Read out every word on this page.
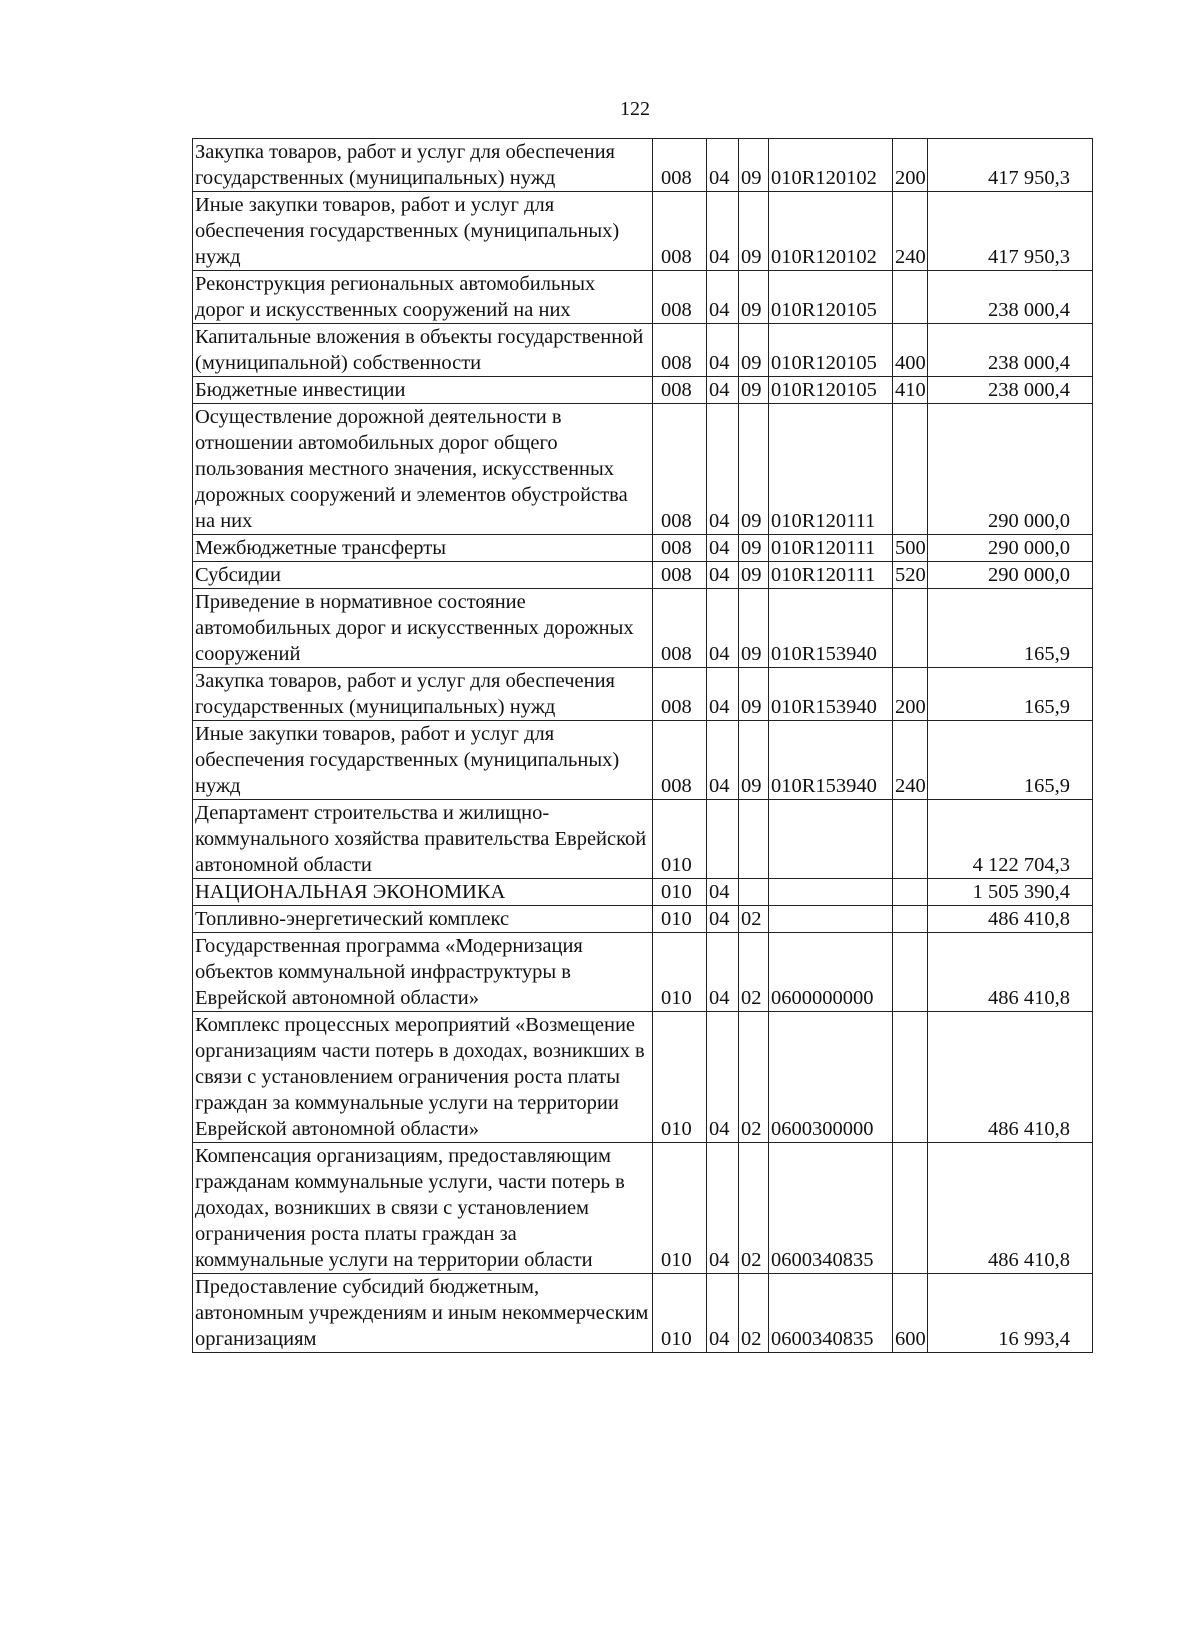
122
Закупка товаров, работ и услуг для обеспечения государственных (муниципальных) нужд	008	04	09	010R120102	200	417 950,3
Иные закупки товаров, работ и услуг для обеспечения государственных (муниципальных) нужд	008	04	09	010R120102	240	417 950,3
Реконструкция региональных автомобильных дорог и искусственных сооружений на них	008	04	09	010R120105		238 000,4
Капитальные вложения в объекты государственной (муниципальной) собственности	008	04	09	010R120105	400	238 000,4
Бюджетные инвестиции	008	04	09	010R120105	410	238 000,4
Осуществление дорожной деятельности в отношении автомобильных дорог общего пользования местного значения, искусственных дорожных сооружений и элементов обустройства на них	008	04	09	010R120111		290 000,0
Межбюджетные трансферты	008	04	09	010R120111	500	290 000,0
Субсидии	008	04	09	010R120111	520	290 000,0
Приведение в нормативное состояние автомобильных дорог и искусственных дорожных сооружений	008	04	09	010R153940		165,9
Закупка товаров, работ и услуг для обеспечения государственных (муниципальных) нужд	008	04	09	010R153940	200	165,9
Иные закупки товаров, работ и услуг для обеспечения государственных (муниципальных) нужд	008	04	09	010R153940	240	165,9
Департамент строительства и жилищно-коммунального хозяйства правительства Еврейской автономной области	010					4 122 704,3
НАЦИОНАЛЬНАЯ ЭКОНОМИКА	010	04				1 505 390,4
Топливно-энергетический комплекс	010	04	02			486 410,8
Государственная программа «Модернизация объектов коммунальной инфраструктуры в Еврейской автономной области»	010	04	02	0600000000		486 410,8
Комплекс процессных мероприятий «Возмещение организациям части потерь в доходах, возникших в связи с установлением ограничения роста платы граждан за коммунальные услуги на территории Еврейской автономной области»	010	04	02	0600300000		486 410,8
Компенсация организациям, предоставляющим гражданам коммунальные услуги, части потерь в доходах, возникших в связи с установлением ограничения роста платы граждан за коммунальные услуги на территории области	010	04	02	0600340835		486 410,8
Предоставление субсидий бюджетным, автономным учреждениям и иным некоммерческим организациям	010	04	02	0600340835	600	16 993,4
